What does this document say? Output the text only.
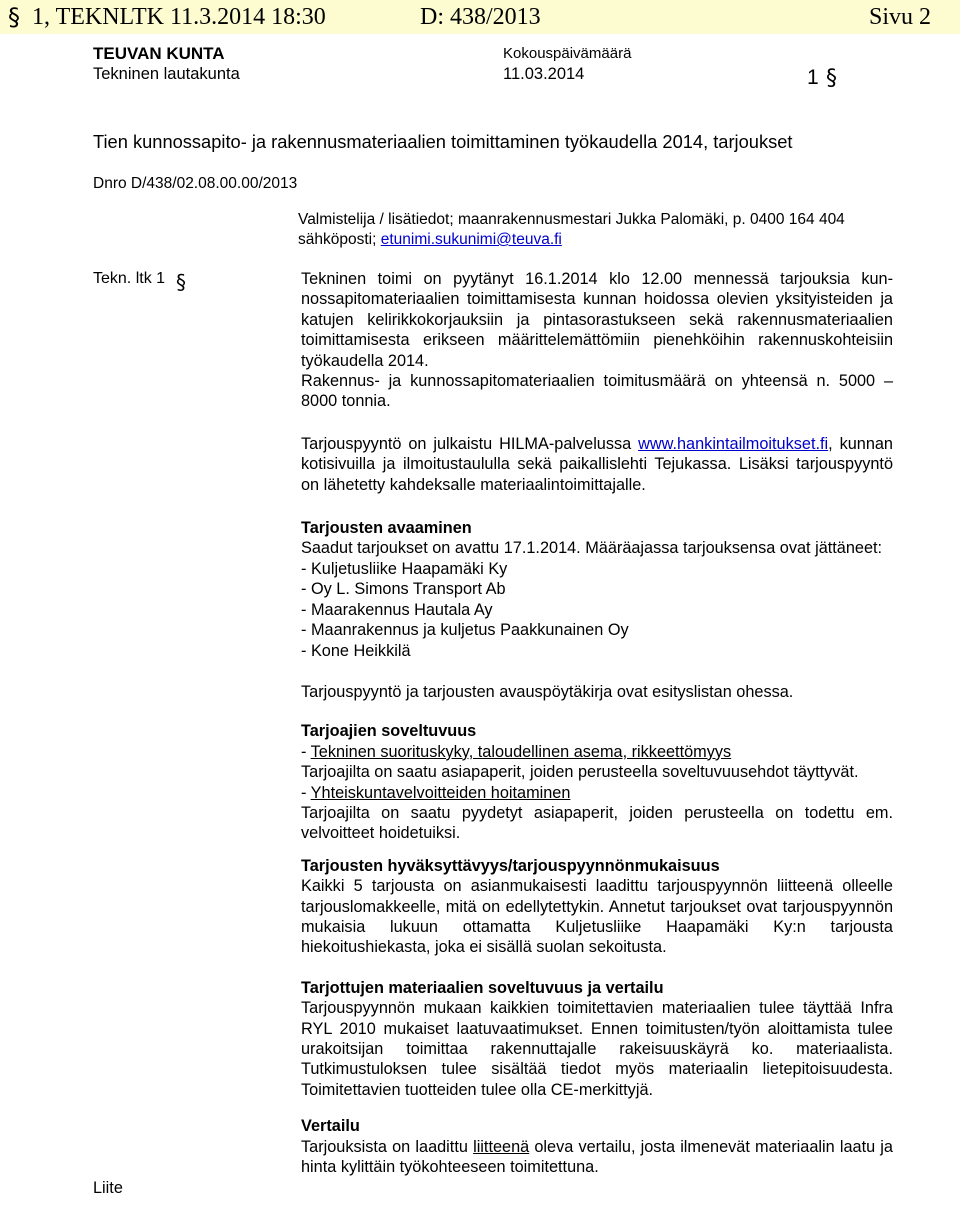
§ 1, TEKNLTK 11.3.2014 18:30	D: 438/2013	Sivu 2
TEUVAN KUNTA
Tekninen lautakunta
Kokouspäivämäärä
11.03.2014	1 §
Tien kunnossapito- ja rakennusmateriaalien toimittaminen työkaudella 2014, tarjoukset
Dnro D/438/02.08.00.00/2013
Valmistelija / lisätiedot; maanrakennusmestari Jukka Palomäki, p. 0400 164 404
sähköposti; etunimi.sukunimi@teuva.fi
Tekn. ltk 1 §
Liite

Tekninen toimi on pyytänyt 16.1.2014 klo 12.00 mennessä tarjouksia kunnossapitomateriaalien toimittamisesta kunnan hoidossa olevien yksityisteiden ja katujen kelirikkokorjauksiin ja pintasorastukseen sekä rakennusmateriaalien toimittamisesta erikseen määrittelemättömiin pienehköihin rakennuskohteisiin työkaudella 2014.

Rakennus- ja kunnossapitomateriaalien toimitusmäärä on yhteensä n. 5000 – 8000 tonnia.

Tarjouspyyntö on julkaistu HILMA-palvelussa www.hankintailmoitukset.fi, kunnan kotisivuilla ja ilmoitustaululla sekä paikallislehti Tejukassa. Lisäksi tarjouspyyntö on lähetetty kahdeksalle materiaalintoimittajalle.

Tarjousten avaaminen

Saadut tarjoukset on avattu 17.1.2014. Määräajassa tarjouksensa ovat jättäneet:

- Kuljetusliike Haapamäki Ky

- Oy L. Simons Transport Ab

- Maarakennus Hautala Ay

- Maanrakennus ja kuljetus Paakkunainen Oy

- Kone Heikkilä

Tarjouspyyntö ja tarjousten avauspöytäkirja ovat esityslistan ohessa.

Tarjoajien soveltuvuus

- Tekninen suorituskyky, taloudellinen asema, rikkeettömyys

Tarjoajilta on saatu asiapaperit, joiden perusteella soveltuvuusehdot täyttyvät.

- Yhteiskuntavelvoitteiden hoitaminen

Tarjoajilta on saatu pyydetyt asiapaperit, joiden perusteella on todettu em. velvoitteet hoidetuiksi.

Tarjousten hyväksyttävyys/tarjouspyynnönmukaisuus

Kaikki 5 tarjousta on asianmukaisesti laadittu tarjouspyynnön liitteenä olleelle tarjouslomakkeelle, mitä on edellytettykin. Annetut tarjoukset ovat tarjouspyynnön mukaisia lukuun ottamatta Kuljetusliike Haapamäki Ky:n tarjousta hiekoitushiekasta, joka ei sisällä suolan sekoitusta.

Tarjottujen materiaalien soveltuvuus ja vertailu

Tarjouspyynnön mukaan kaikkien toimitettavien materiaalien tulee täyttää Infra RYL 2010 mukaiset laatuvaatimukset. Ennen toimitusten/työn aloittamista tulee urakoitsijan toimittaa rakennuttajalle rakeisuuskäyrä ko. materiaalista. Tutkimustuloksen tulee sisältää tiedot myös materiaalin lietepitoisuudesta. Toimitettavien tuotteiden tulee olla CE-merkittyjä.

Vertailu

Tarjouksista on laadittu liitteenä oleva vertailu, josta ilmenevät materiaalin laatu ja hinta kylittäin työkohteeseen toimitettuna.
